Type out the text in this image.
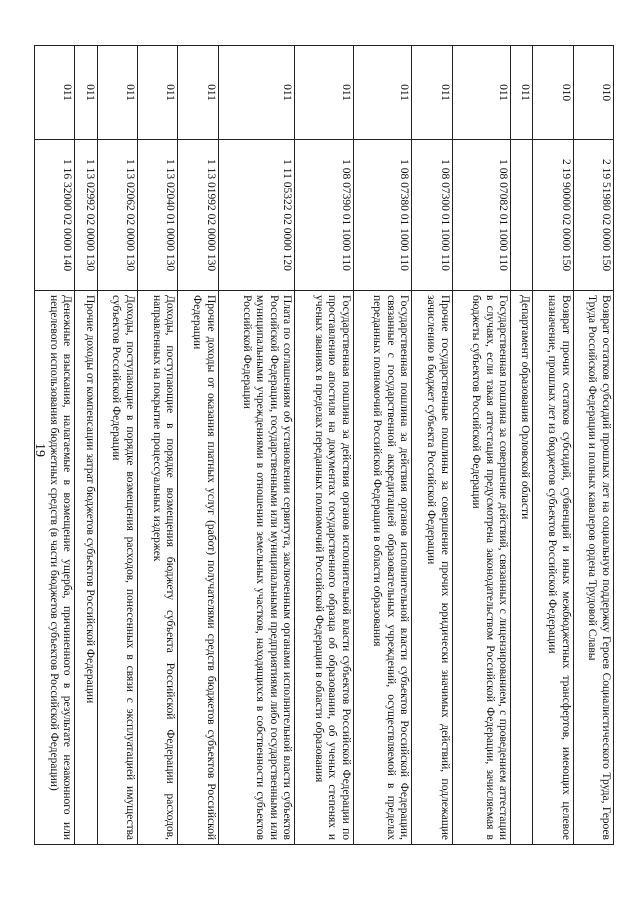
19
010	2 19 51980 02 0000 150	Возврат остатков субсидий прошлых лет на социальную поддержку Героев Социалистического Труда, Героев Труда Российской Федерации и полных кавалеров ордена Трудовой Славы
010	2 19 90000 02 0000 150	Возврат прочих остатков субсидий, субвенций и иных межбюджетных трансфертов, имеющих целевое назначение, прошлых лет из бюджетов субъектов Российской Федерации
011		Департамент образования Орловской области
011	1 08 07082 01 1000 110	Государственная пошлина за совершение действий, связанных с лицензированием, с проведением аттестации в случаях, если такая аттестация предусмотрена законодательством Российской Федерации, зачисляемая в бюджеты субъектов Российской Федерации
011	1 08 07300 01 1000 110	Прочие государственные пошлины за совершение прочих юридически значимых действий, подлежащие зачислению в бюджет субъекта Российской Федерации
011	1 08 07380 01 1000 110	Государственная пошлина за действия органов исполнительной власти субъектов Российской Федерации, связанные с государственной аккредитацией образовательных учреждений, осуществляемой в пределах переданных полномочий Российской Федерации в области образования
011	1 08 07390 01 1000 110	Государственная пошлина за действия органов исполнительной власти субъектов Российской Федерации по проставлению апостиля на документах государственного образца об образовании, об ученых степенях и ученых званиях в пределах переданных полномочий Российской Федерации в области образования
011	1 11 05322 02 0000 120	Плата по соглашениям об установлении сервитута, заключенным органами исполнительной власти субъектов Российской Федерации, государственными или муниципальными предприятиями либо государственными или муниципальными учреждениями в отношении земельных участков, находящихся в собственности субъектов Российской Федерации
011	1 13 01992 02 0000 130	Прочие доходы от оказания платных услуг (работ) получателями средств бюджетов субъектов Российской Федерации
011	1 13 02040 01 0000 130	Доходы, поступающие в порядке возмещения бюджету субъекта Российской Федерации расходов, направленных на покрытие процессуальных издержек
011	1 13 02062 02 0000 130	Доходы, поступающие в порядке возмещения расходов, понесенных в связи с эксплуатацией имущества субъектов Российской Федерации
011	1 13 02992 02 0000 130	Прочие доходы от компенсации затрат бюджетов субъектов Российской Федерации
011	1 16 32000 02 0000 140	Денежные взыскания, налагаемые в возмещение ущерба, причиненного в результате незаконного или нецелевого использования бюджетных средств (в части бюджетов субъектов Российской Федерации)
